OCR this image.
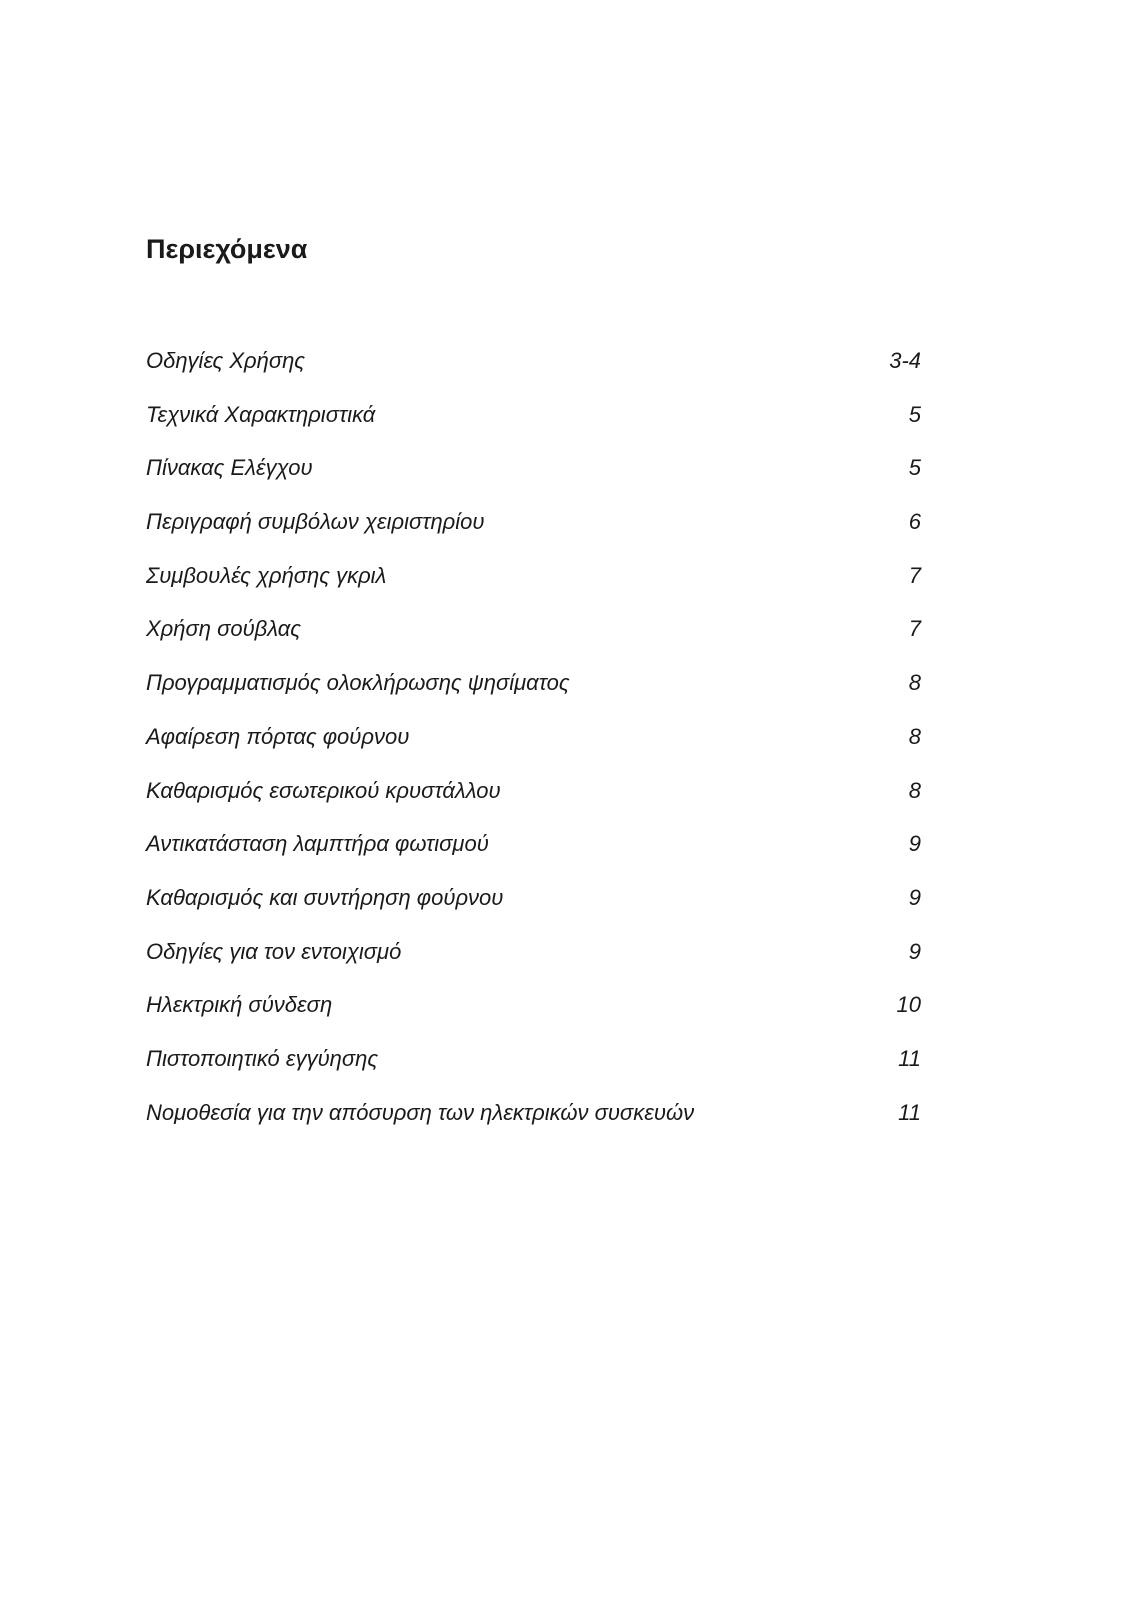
Περιεχόμενα
Οδηγίες Χρήσης	3-4
Τεχνικά Χαρακτηριστικά	5
Πίνακας Ελέγχου	5
Περιγραφή συμβόλων χειριστηρίου	6
Συμβουλές χρήσης γκριλ	7
Χρήση σούβλας	7
Προγραμματισμός ολοκλήρωσης ψησίματος	8
Αφαίρεση πόρτας φούρνου	8
Καθαρισμός εσωτερικού κρυστάλλου	8
Αντικατάσταση λαμπτήρα φωτισμού	9
Καθαρισμός και συντήρηση φούρνου	9
Οδηγίες για τον εντοιχισμό	9
Ηλεκτρική σύνδεση	10
Πιστοποιητικό εγγύησης	11
Νομοθεσία για την απόσυρση των ηλεκτρικών συσκευών	11
